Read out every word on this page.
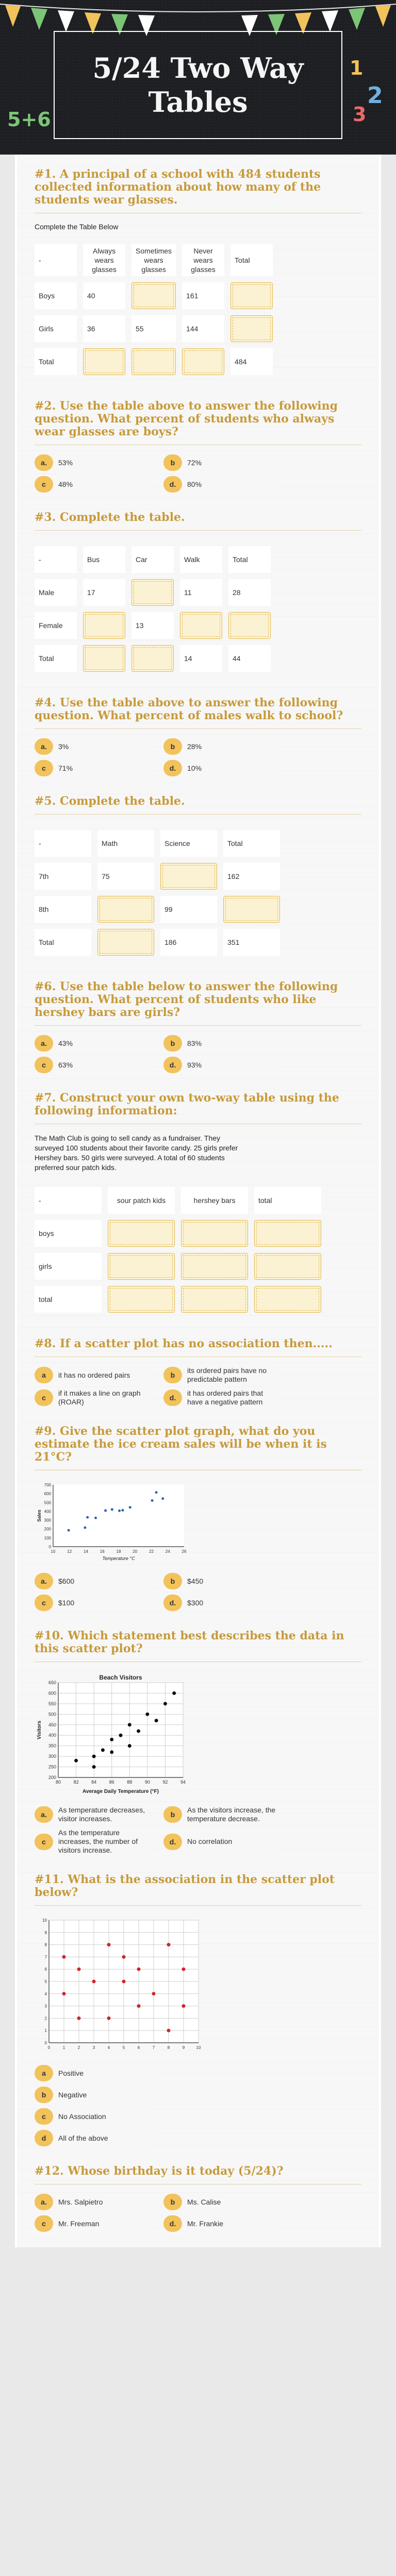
5/24 Two Way
Tables
5+6
1
2
3
#1. A principal of a school with 484 students collected information about how many of the students wear glasses.
Complete the Table Below
-	Always wears glasses	Sometimes wears glasses	Never wears glasses	Total
Boys	40		161	
Girls	36	55	144	
Total				484
#2. Use the table above to answer the following question. What percent of students who always wear glasses are boys?
a.	53%	b	72%
c	48%	d.	80%
#3. Complete the table.
-	Bus	Car	Walk	Total
Male	17		11	28
Female		13		
Total			14	44
#4. Use the table above to answer the following question. What percent of males walk to school?
a.	3%	b	28%
c	71%	d.	10%
#5. Complete the table.
-	Math	Science	Total
7th	75		162
8th		99	
Total		186	351
#6. Use the table below to answer the following question. What percent of students who like hershey bars are girls?
a.	43%	b	83%
c	63%	d.	93%
#7. Construct your own two-way table using the following information:

The Math Club is going to sell candy as a fundraiser. They surveyed 100 students about their favorite candy. 25 girls prefer Hershey bars. 50 girls were surveyed. A total of 60 students preferred sour patch kids.

-	sour patch kids	hershey bars	total
boys			
girls			
total			
#8. If a scatter plot has no association then.....
a	it has no ordered pairs	b
its ordered pairs have no predictable pattern
c
if it makes a line on graph (ROAR)	d.
it has ordered pairs that have a negative pattern
#9. Give the scatter plot graph, what do you estimate the ice cream sales will be when it is 21°C?
10	12	14	16	18	20	22	24	26
0
100
200
300
400
500
600
700
Temperature °C
Sales
a.	$600	b	$450
c	$100	d.	$300
#10. Which statement best describes the data in this scatter plot?
80	82	84	86	88	90	92	94
200
250
300
350
400
450
500
550
600
650
Beach Visitors
Average Daily Temperature (°F)
Visitors
a.
As temperature decreases, visitor increases.	b
As the visitors increase, the temperature decrease.
c
As the temperature increases, the number of visitors increase.
d.	No correlation
#11. What is the association in the scatter plot below?
0	1	2	3	4	5	6	7	8	9	10
0
1
2
3
4
5
6
7
8
9
10
a	Positive
b	Negative
c	No Association
d	All of the above
#12. Whose birthday is it today (5/24)?
a.	Mrs. Salpietro	b	Ms. Calise
c	Mr. Freeman	d.	Mr. Frankie
